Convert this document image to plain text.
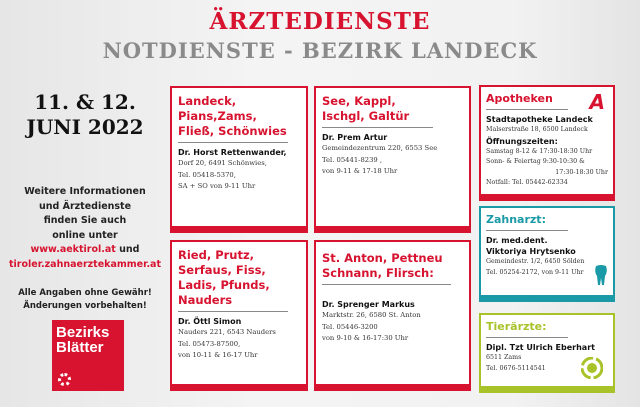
ÄRZTEDIENSTE
NOTDIENSTE - BEZIRK LANDECK
11. & 12.
JUNI 2022
Weitere Informationen
und Ärztedienste
finden Sie auch
online unter
www.aektirol.at und
tiroler.zahnaerztekammer.at
Alle Angaben ohne Gewähr!
Änderungen vorbehalten!
Bezirks
Blätter
Landeck, Pians,Zams, Fließ, Schönwies
Dr. Horst Rettenwander,
Dorf 20, 6491 Schönwies,
Tel. 05418-5370,
SA + SO von 9-11 Uhr
See, Kappl, Ischgl, Galtür
Dr. Prem Artur
Gemeindezentrum 220, 6553 See
Tel. 05441-8239 ,
von 9-11 & 17-18 Uhr
Ried, Prutz, Serfaus, Fiss, Ladis, Pfunds, Nauders
Dr. Öttl Simon
Nauders 221, 6543 Nauders
Tel. 05473-87500,
von 10-11 & 16-17 Uhr
St. Anton, Pettneu Schnann, Flirsch:
Dr. Sprenger Markus
Marktstr. 26, 6580 St. Anton
Tel. 05446-3200
von 9-10 & 16-17:30 Uhr
Apotheken	A
Stadtapotheke Landeck
Malserstraße 18, 6500 Landeck
Öffnungszeiten:
Samstag 8-12 & 17:30-18:30 Uhr
Sonn- & Feiertag 9:30-10:30 &
17:30-18:30 Uhr
Notfall: Tel. 05442-62334
Zahnarzt:
Dr. med.dent.
Viktoriya Hrytsenko
Gemeindestr. 1/2, 6450 Sölden
Tel. 05254-2172, von 9-11 Uhr
Tierärzte:
Dipl. Tzt Ulrich Eberhart
6511 Zams
Tel. 0676-5114541
